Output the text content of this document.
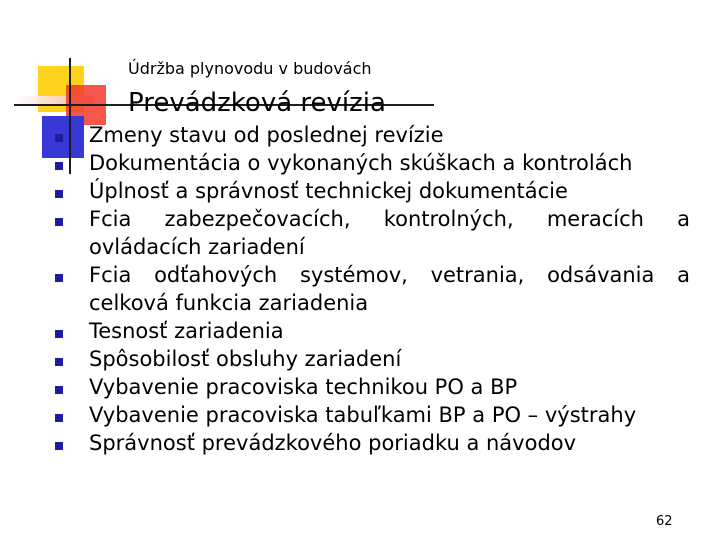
Údržba plynovodu v budovách
Prevádzková revízia
Zmeny stavu od poslednej revízie
Dokumentácia o vykonaných skúškach a kontrolách
Úplnosť a správnosť technickej dokumentácie
Fcia zabezpečovacích, kontrolných, meracích a ovládacích zariadení
Fcia odťahových systémov, vetrania, odsávania a celková funkcia zariadenia
Tesnosť zariadenia
Spôsobilosť obsluhy zariadení
Vybavenie pracoviska technikou PO a BP
Vybavenie pracoviska tabuľkami BP a PO – výstrahy
Správnosť prevádzkového poriadku a návodov
62
